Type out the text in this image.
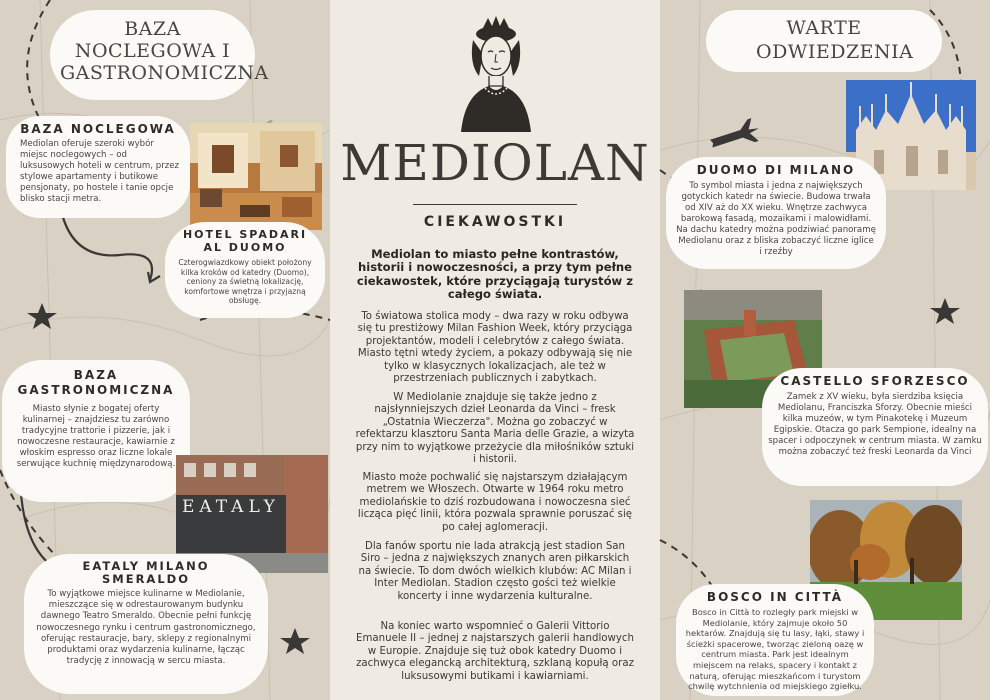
BAZA NOCLEGOWA I GASTRONOMICZNA
BAZA NOCLEGOWA
Mediolan oferuje szeroki wybór miejsc noclegowych – od luksusowych hoteli w centrum, przez stylowe apartamenty i butikowe pensjonaty, po hostele i tanie opcje blisko stacji metra.
HOTEL SPADARI AL DUOMO
Czterogwiazdkowy obiekt położony kilka kroków od katedry (Duomo), ceniony za świetną lokalizację, komfortowe wnętrza i przyjazną obsługę.
BAZA GASTRONOMICZNA
Miasto słynie z bogatej oferty kulinarnej – znajdziesz tu zarówno tradycyjne trattorie i pizzerie, jak i nowoczesne restauracje, kawiarnie z włoskim espresso oraz liczne lokale serwujące kuchnię międzynarodową.
EATALY
EATALY MILANO SMERALDO
To wyjątkowe miejsce kulinarne w Mediolanie, mieszczące się w odrestaurowanym budynku dawnego Teatro Smeraldo. Obecnie pełni funkcję nowoczesnego rynku i centrum gastronomicznego, oferując restauracje, bary, sklepy z regionalnymi produktami oraz wydarzenia kulinarne, łącząc tradycję z innowacją w sercu miasta.
MEDIOLAN
CIEKAWOSTKI
Mediolan to miasto pełne kontrastów, historii i nowoczesności, a przy tym pełne ciekawostek, które przyciągają turystów z całego świata.
To światowa stolica mody – dwa razy w roku odbywa się tu prestiżowy Milan Fashion Week, który przyciąga projektantów, modeli i celebrytów z całego świata. Miasto tętni wtedy życiem, a pokazy odbywają się nie tylko w klasycznych lokalizacjach, ale też w przestrzeniach publicznych i zabytkach.
W Mediolanie znajduje się także jedno z najsłynniejszych dzieł Leonarda da Vinci – fresk „Ostatnia Wieczerza". Można go zobaczyć w refektarzu klasztoru Santa Maria delle Grazie, a wizyta przy nim to wyjątkowe przeżycie dla miłośników sztuki i historii.
Miasto może pochwalić się najstarszym działającym metrem we Włoszech. Otwarte w 1964 roku metro mediolańskie to dziś rozbudowana i nowoczesna sieć licząca pięć linii, która pozwala sprawnie poruszać się po całej aglomeracji.
Dla fanów sportu nie lada atrakcją jest stadion San Siro – jedna z największych znanych aren piłkarskich na świecie. To dom dwóch wielkich klubów: AC Milan i Inter Mediolan. Stadion często gości też wielkie koncerty i inne wydarzenia kulturalne.
Na koniec warto wspomnieć o Galerii Vittorio Emanuele II – jednej z najstarszych galerii handlowych w Europie. Znajduje się tuż obok katedry Duomo i zachwyca elegancką architekturą, szklaną kopułą oraz luksusowymi butikami i kawiarniami.
WARTE ODWIEDZENIA
DUOMO DI MILANO
To symbol miasta i jedna z największych gotyckich katedr na świecie. Budowa trwała od XIV aż do XX wieku. Wnętrze zachwyca barokową fasadą, mozaikami i malowidłami. Na dachu katedry można podziwiać panoramę Mediolanu oraz z bliska zobaczyć liczne iglice i rzeźby
CASTELLO SFORZESCO
Zamek z XV wieku, była sierdziba księcia Mediolanu, Franciszka Sforzy. Obecnie mieści kilka muzeów, w tym Pinakotekę i Muzeum Egipskie. Otacza go park Sempione, idealny na spacer i odpoczynek w centrum miasta. W zamku można zobaczyć też freski Leonarda da Vinci
BOSCO IN CITTÀ
Bosco in Città to rozległy park miejski w Mediolanie, który zajmuje około 50 hektarów. Znajdują się tu lasy, łąki, stawy i ścieżki spacerowe, tworząc zieloną oazę w centrum miasta. Park jest idealnym miejscem na relaks, spacery i kontakt z naturą, oferując mieszkańcom i turystom chwilę wytchnienia od miejskiego zgiełku.
